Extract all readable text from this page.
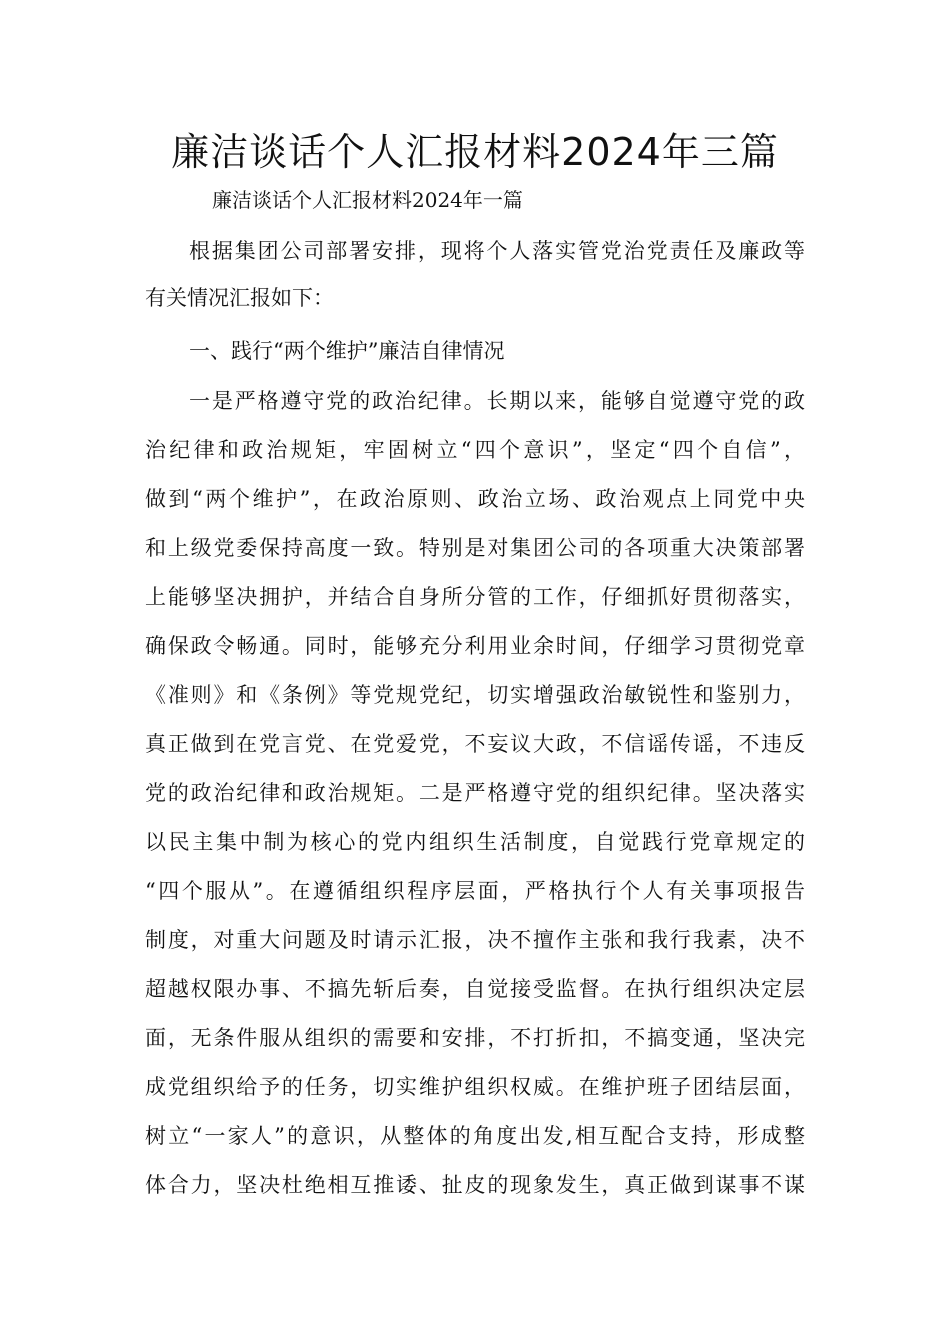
廉洁谈话个人汇报材料2024年三篇
廉洁谈话个人汇报材料2024年一篇
根据集团公司部署安排，现将个人落实管党治党责任及廉政等
有关情况汇报如下：
一、践行“两个维护”廉洁自律情况
一是严格遵守党的政治纪律。长期以来，能够自觉遵守党的政
治纪律和政治规矩，牢固树立“四个意识”，坚定“四个自信”，
做到“两个维护”，在政治原则、政治立场、政治观点上同党中央
和上级党委保持高度一致。特别是对集团公司的各项重大决策部署
上能够坚决拥护，并结合自身所分管的工作，仔细抓好贯彻落实，
确保政令畅通。同时，能够充分利用业余时间，仔细学习贯彻党章
《准则》和《条例》等党规党纪，切实增强政治敏锐性和鉴别力，
真正做到在党言党、在党爱党，不妄议大政，不信谣传谣，不违反
党的政治纪律和政治规矩。二是严格遵守党的组织纪律。坚决落实
以民主集中制为核心的党内组织生活制度，自觉践行党章规定的
“四个服从”。在遵循组织程序层面，严格执行个人有关事项报告
制度，对重大问题及时请示汇报，决不擅作主张和我行我素，决不
超越权限办事、不搞先斩后奏，自觉接受监督。在执行组织决定层
面，无条件服从组织的需要和安排，不打折扣，不搞变通，坚决完
成党组织给予的任务，切实维护组织权威。在维护班子团结层面，
树立“一家人”的意识，从整体的角度出发,相互配合支持，形成整
体合力，坚决杜绝相互推诿、扯皮的现象发生，真正做到谋事不谋
